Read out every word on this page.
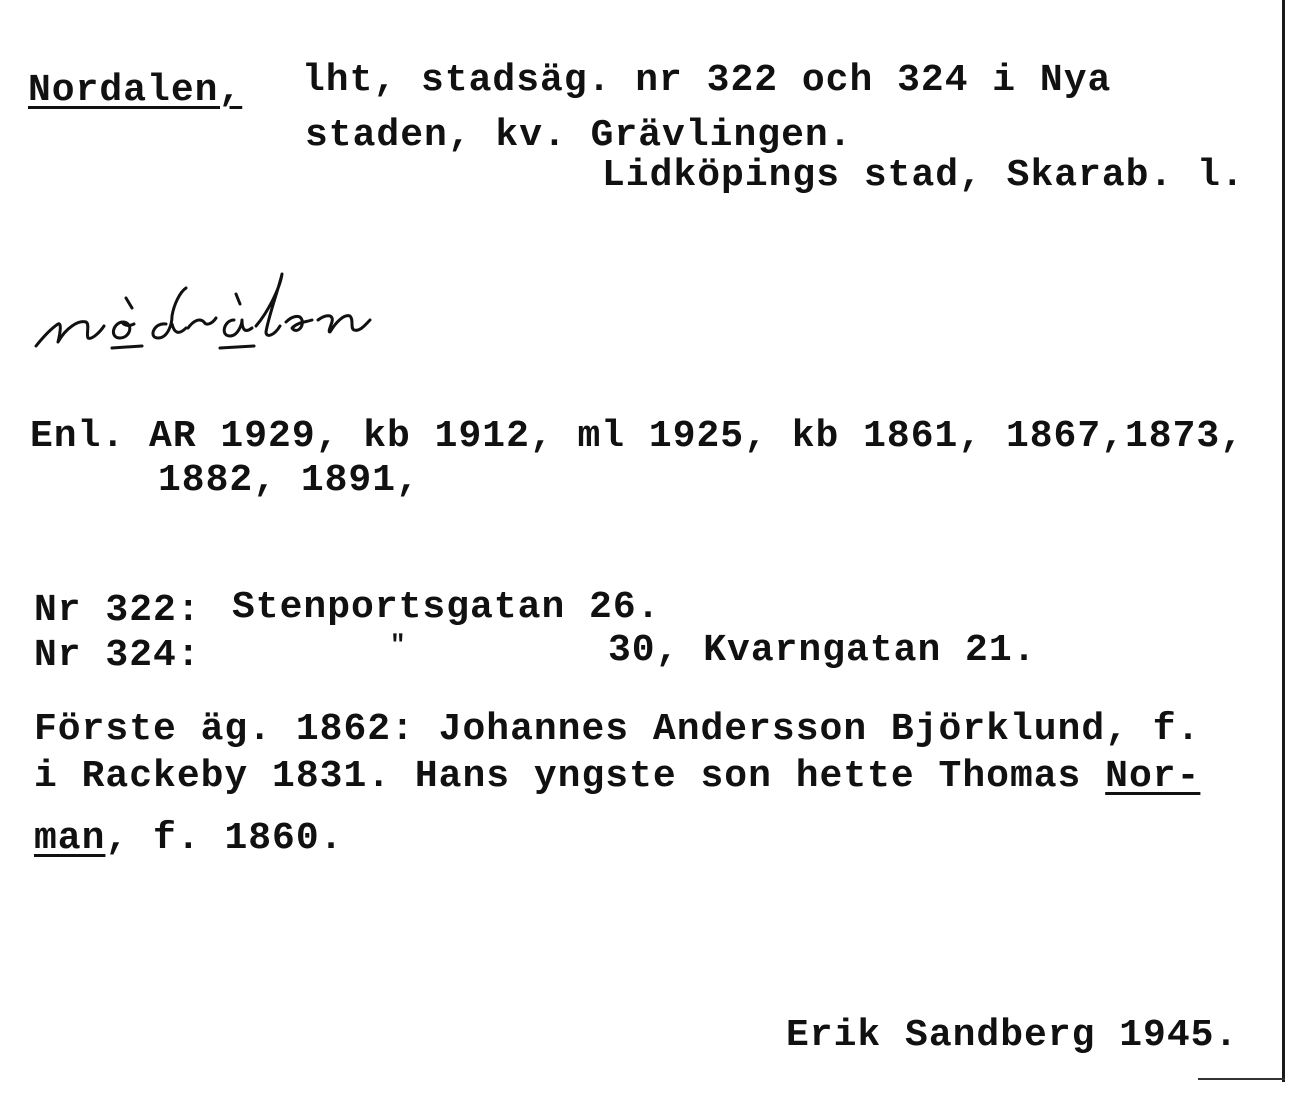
Nordalen, lht, stadsäg. nr 322 och 324 i Nya
staden, kv. Grävlingen.
Lidköpings stad, Skarab. l.
Enl. AR 1929, kb 1912, ml 1925, kb 1861, 1867,1873,
1882, 1891,
Nr 322: Stenportsgatan 26.
Nr 324:	"	30, Kvarngatan 21.
Förste äg. 1862: Johannes Andersson Björklund, f.
i Rackeby 1831. Hans yngste son hette Thomas Nor-
man, f. 1860.
Erik Sandberg 1945.
